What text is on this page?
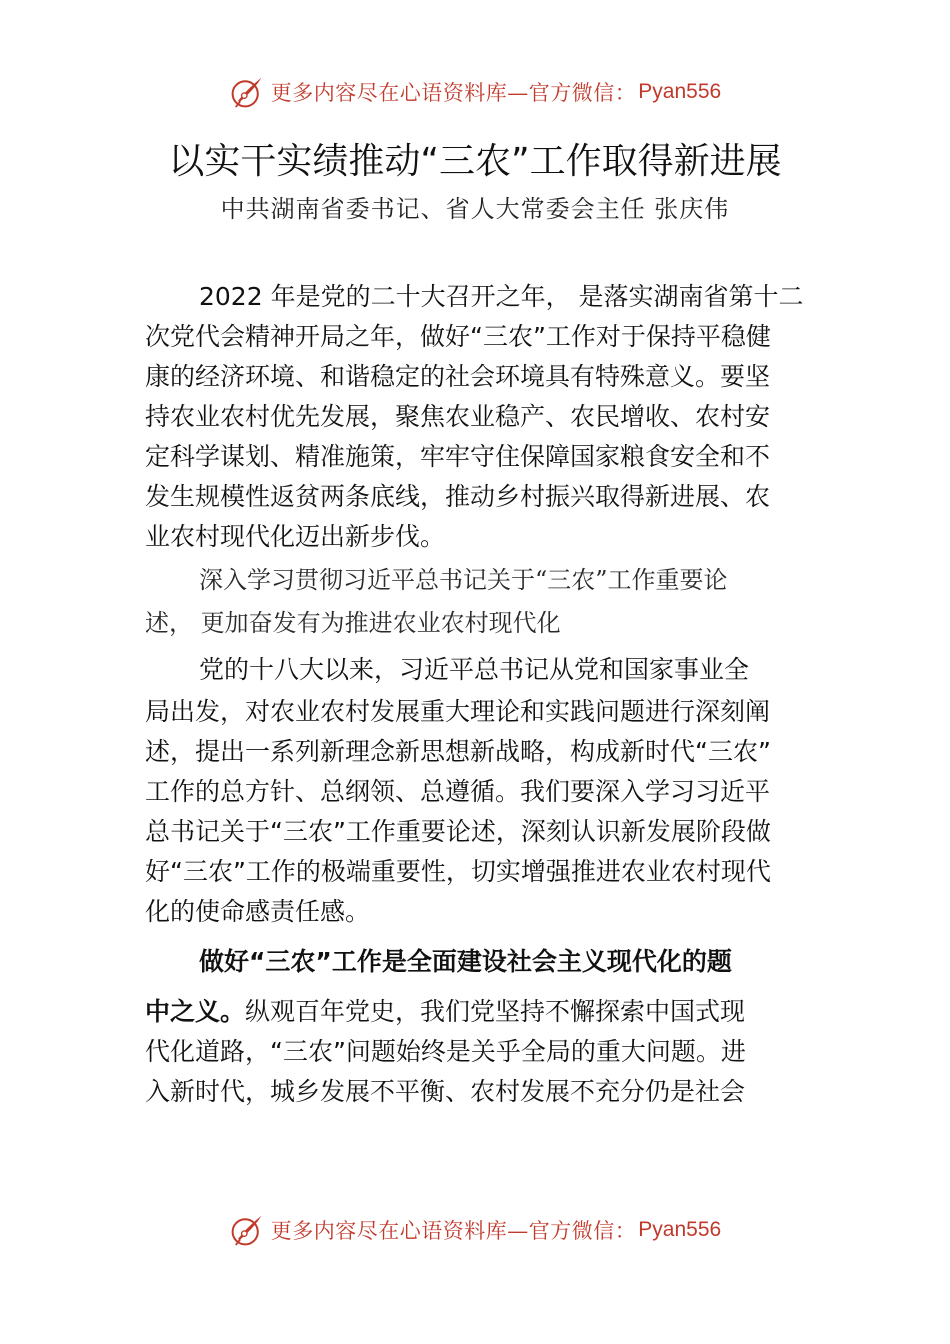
更多内容尽在心语资料库—官方微信： Pyan556
以实干实绩推动“三农”工作取得新进展
中共湖南省委书记、省人大常委会主任 张庆伟
2022 年是党的二十大召开之年， 是落实湖南省第十二
次党代会精神开局之年，做好“三农”工作对于保持平稳健
康的经济环境、和谐稳定的社会环境具有特殊意义。要坚
持农业农村优先发展，聚焦农业稳产、农民增收、农村安
定科学谋划、精准施策，牢牢守住保障国家粮食安全和不
发生规模性返贫两条底线，推动乡村振兴取得新进展、农
业农村现代化迈出新步伐。
深入学习贯彻习近平总书记关于“三农”工作重要论
述， 更加奋发有为推进农业农村现代化
党的十八大以来，习近平总书记从党和国家事业全
局出发，对农业农村发展重大理论和实践问题进行深刻阐
述，提出一系列新理念新思想新战略，构成新时代“三农”
工作的总方针、总纲领、总遵循。我们要深入学习习近平
总书记关于“三农”工作重要论述，深刻认识新发展阶段做
好“三农”工作的极端重要性，切实增强推进农业农村现代
化的使命感责任感。
做好“三农”工作是全面建设社会主义现代化的题
中之义。纵观百年党史，我们党坚持不懈探索中国式现
代化道路，“三农”问题始终是关乎全局的重大问题。进
入新时代，城乡发展不平衡、农村发展不充分仍是社会
更多内容尽在心语资料库—官方微信： Pyan556
